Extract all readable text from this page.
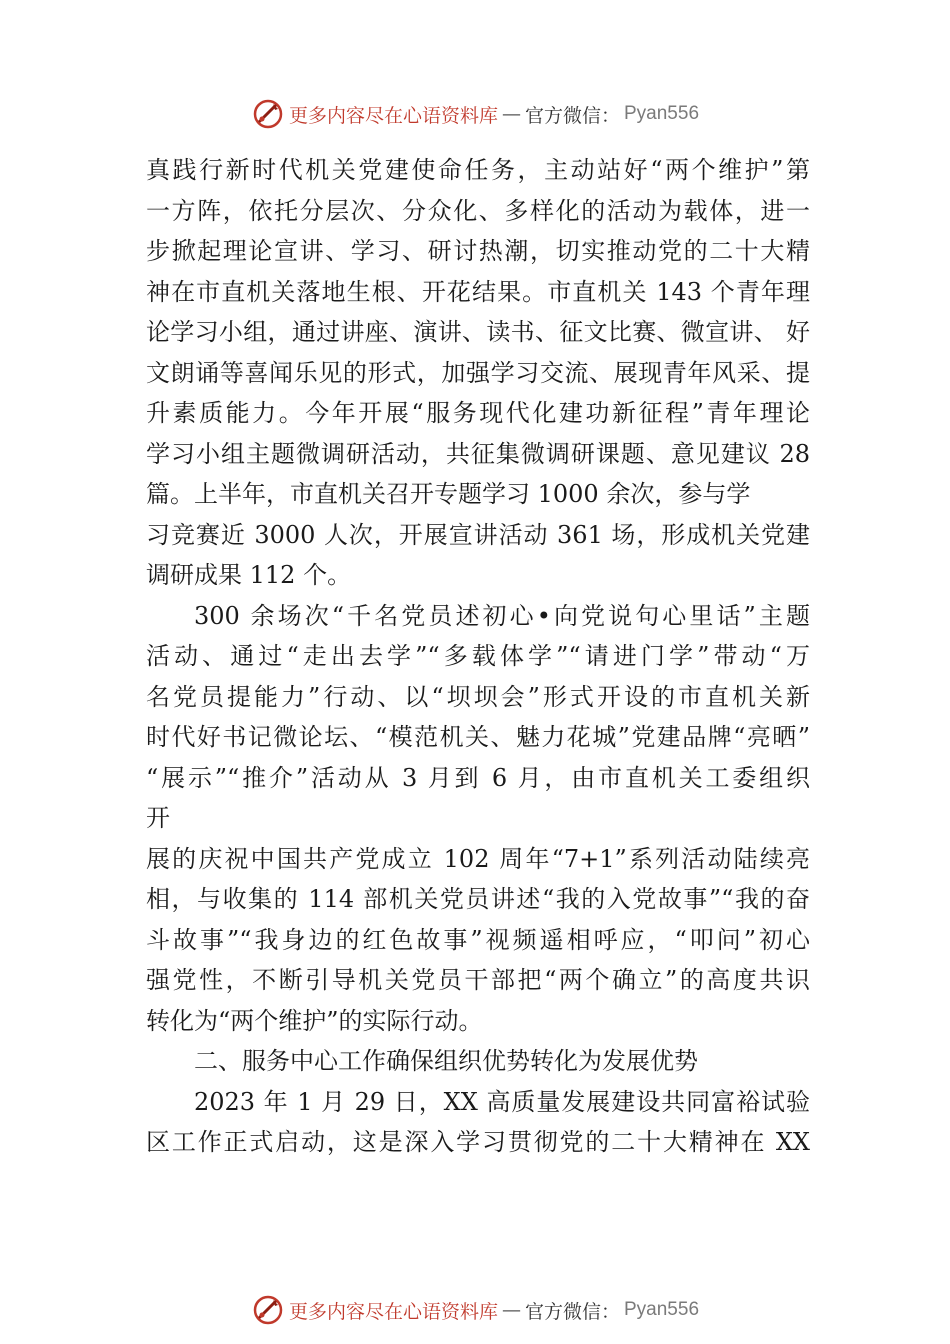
更多内容尽在心语资料库 — 官方微信： Pyan556
真践行新时代机关党建使命任务，主动站好“两个维护”第
一方阵，依托分层次、分众化、多样化的活动为载体，进一
步掀起理论宣讲、学习、研讨热潮，切实推动党的二十大精
神在市直机关落地生根、开花结果。市直机关 143 个青年理
论学习小组，通过讲座、演讲、读书、征文比赛、微宣讲、 好
文朗诵等喜闻乐见的形式，加强学习交流、展现青年风采、提
升素质能力。今年开展“服务现代化建功新征程”青年理论
学习小组主题微调研活动，共征集微调研课题、意见建议 28
篇。上半年，市直机关召开专题学习 1000 余次，参与学
习竞赛近 3000 人次，开展宣讲活动 361 场，形成机关党建
调研成果 112 个。
300 余场次“千名党员述初心•向党说句心里话”主题
活动、通过“走出去学”“多载体学”“请进门学”带动“万
名党员提能力”行动、以“坝坝会”形式开设的市直机关新
时代好书记微论坛、“模范机关、魅力花城”党建品牌“亮晒”
“展示”“推介”活动从 3 月到 6 月，由市直机关工委组织
开
展的庆祝中国共产党成立 102 周年“7+1”系列活动陆续亮
相，与收集的 114 部机关党员讲述“我的入党故事”“我的奋
斗故事”“我身边的红色故事”视频遥相呼应，“叩问”初心
强党性，不断引导机关党员干部把“两个确立”的高度共识
转化为“两个维护”的实际行动。
二、服务中心工作确保组织优势转化为发展优势
2023 年 1 月 29 日，XX 高质量发展建设共同富裕试验
区工作正式启动，这是深入学习贯彻党的二十大精神在 XX
更多内容尽在心语资料库 — 官方微信： Pyan556
